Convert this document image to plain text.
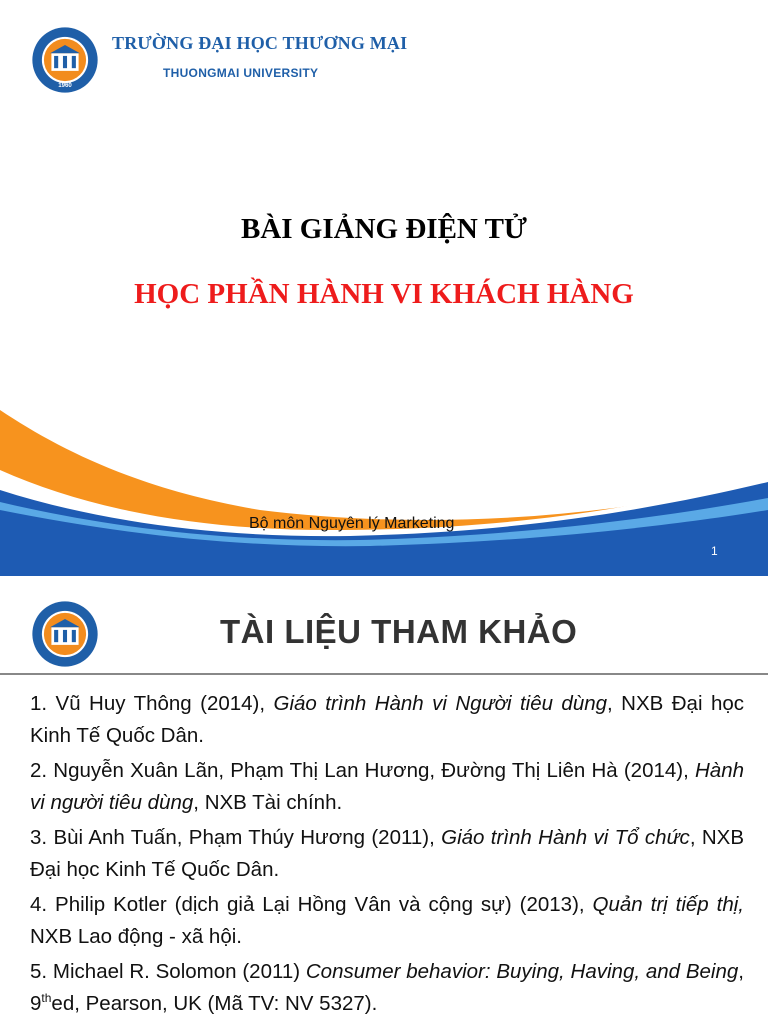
1960
TRƯỜNG ĐẠI HỌC THƯƠNG MẠI
THUONGMAI UNIVERSITY
BÀI GIẢNG ĐIỆN TỬ
HỌC PHẦN HÀNH VI KHÁCH HÀNG
Bộ môn Nguyên lý Marketing
1
TÀI LIỆU THAM KHẢO
1. Vũ Huy Thông (2014), Giáo trình Hành vi Người tiêu dùng, NXB Đại học Kinh Tế Quốc Dân.
2. Nguyễn Xuân Lãn, Phạm Thị Lan Hương, Đường Thị Liên Hà (2014), Hành vi người tiêu dùng, NXB Tài chính.
3. Bùi Anh Tuấn, Phạm Thúy Hương (2011), Giáo trình Hành vi Tổ chức, NXB Đại học Kinh Tế Quốc Dân.
4. Philip Kotler (dịch giả Lại Hồng Vân và cộng sự) (2013), Quản trị tiếp thị, NXB Lao động - xã hội.
5. Michael R. Solomon (2011) Consumer behavior: Buying, Having, and Being, 9thed, Pearson, UK (Mã TV: NV 5327).
